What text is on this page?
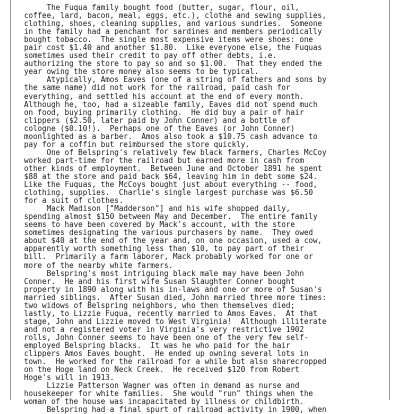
The Fuqua family bought food (butter, sugar, flour, oil,
coffee, lard, bacon, meal, eggs, etc.), clothe and sewing supplies,
clothing, shoes, cleaning supplies, and various sundries.  Someone
in the family had a penchant for sardines and members periodically
bought tobacco.  The single most expensive items were shoes: one
pair cost $1.40 and another $1.80.  Like everyone else, the Fuquas
sometimes used their credit to pay off other debts, i.e.
authorizing the store to pay so and so $1.00.  That they ended the
year owing the store money also seems to be typical.
Atypically, Amos Eaves (one of a string of fathers and sons by
the same name) did not work for the railroad, paid cash for
everything, and settled his account at the end of every month.
Although he, too, had a sizeable family, Eaves did not spend much
on food, buying primarily clothing.  He did buy a pair of hair
clippers ($2.50, later paid by John Conner) and a bottle of
cologne ($0.10!).  Perhaps one of the Eaves (or John Conner)
moonlighted as a barber.  Amos also took a $10.75 cash advance to
pay for a coffin but reimbursed the store quickly.
One of Belspring's relatively few black farmers, Charles McCoy
worked part-time for the railroad but earned more in cash from
other kinds of employment.  Between June and October 1891 he spent
$88 at the store and paid back $64, leaving him in debt some $24.
Like the Fuquas, the McCoys bought just about everything -- food,
clothing, supplies.  Charlie's single largest purchase was $6.50
for a suit of clothes.
Mack Madison ["Madderson"] and his wife shopped daily,
spending almost $150 between May and December.  The entire family
seems to have been covered by Mack's account, with the store
sometimes designating the various purchasers by name.  They owed
about $40 at the end of the year and, on one occasion, used a cow,
apparently worth something less than $10, to pay part of their
bill.  Primarily a farm laborer, Mack probably worked for one or
more of the nearby white farmers.
Belspring's most intriguing black male may have been John
Conner.  He and his first wife Susan Slaughter Conner bought
property in 1890 along with his in-laws and one or more of Susan's
married siblings.  After Susan died, John married three more times:
two widows of Belspring neighbors, who then themselves died;
lastly, to Lizzie Fuqua, recently married to Amos Eaves.  At that
stage, John and Lizzie moved to West Virginia!  Although illiterate
and not a registered voter in Virginia's very restrictive 1902
rolls, John Conner seems to have been one of the very few self-
employed Belspring blacks.  It was he who paid for the hair
clippers Amos Eaves bought.  He ended up owning several lots in
town.  He worked for the railroad for a while but also sharecropped
on the Hoge land on Neck Creek.  He received $120 from Robert
Hoge's will in 1913.
Lizzie Patterson Wagner was often in demand as nurse and
housekeeper for white families.  She would "run" things when the
woman of the house was incapacitated by illness or childbirth.
Belspring had a final spurt of railroad activity in 1900, when
